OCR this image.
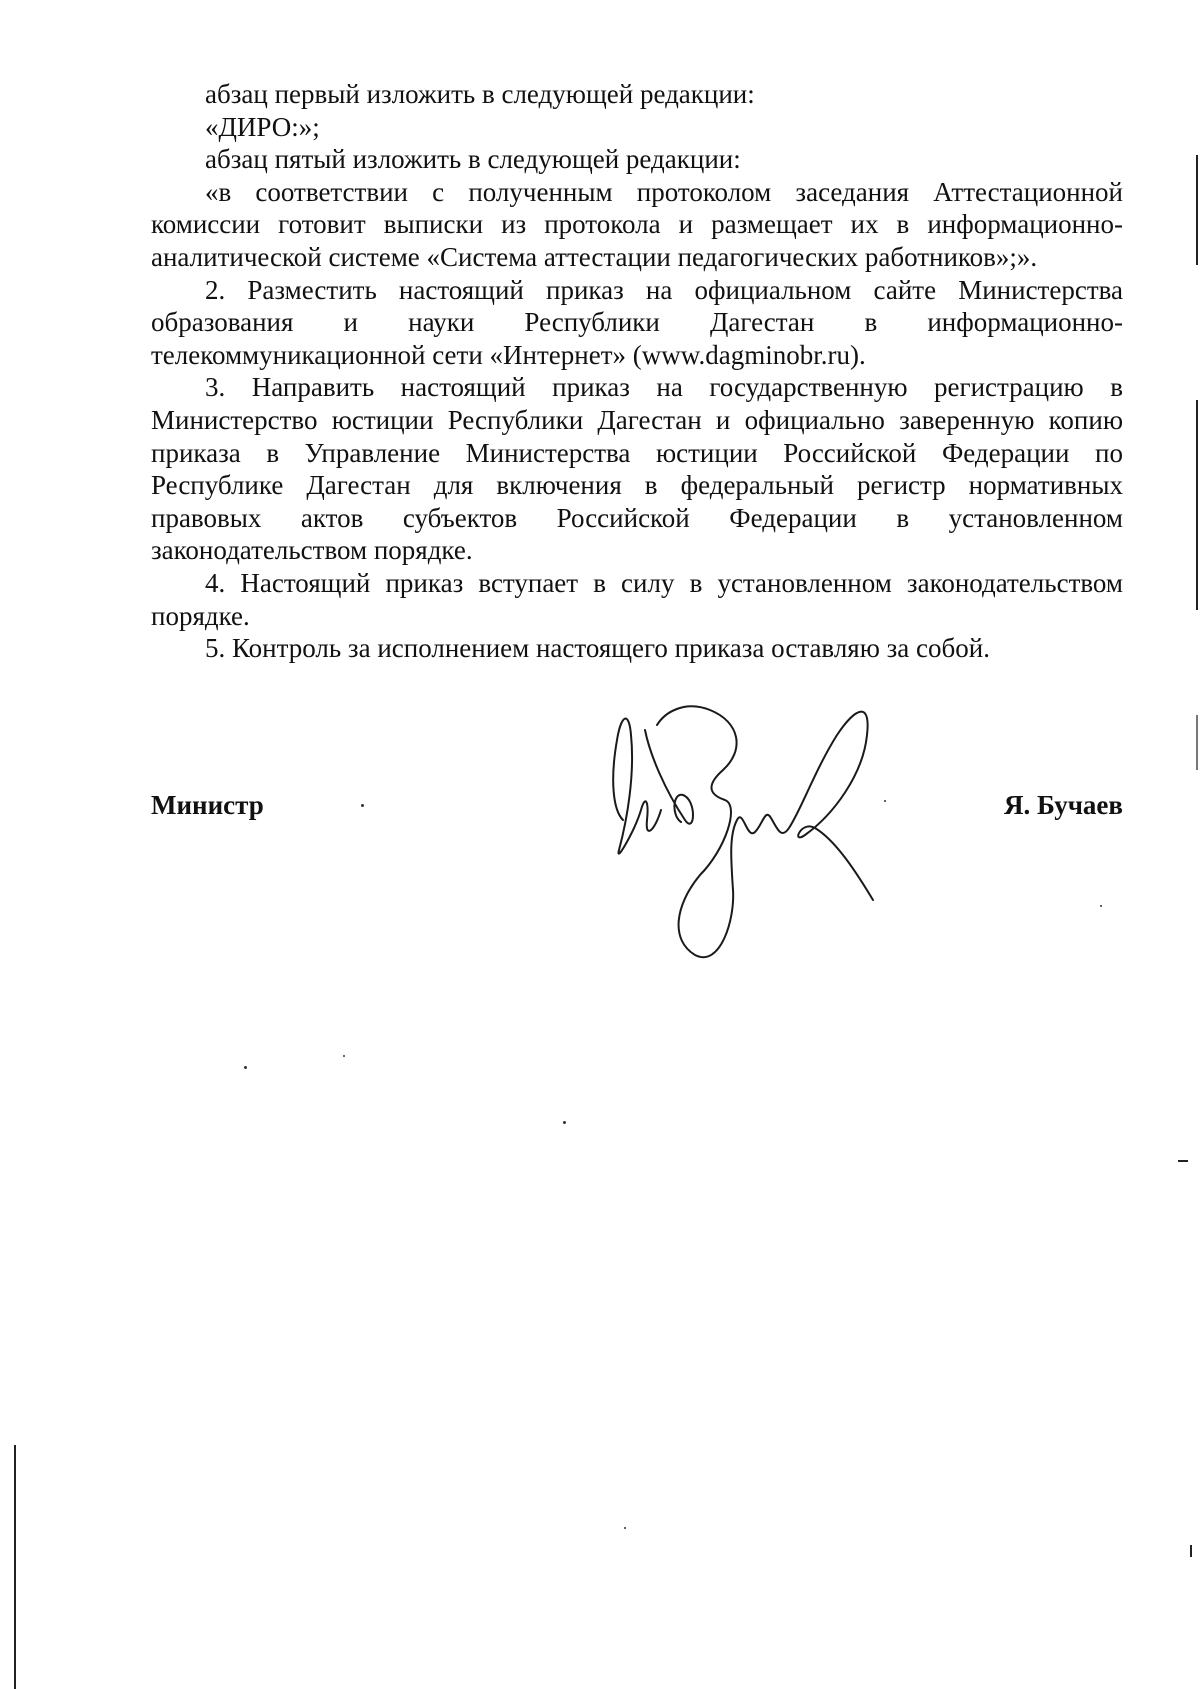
абзац первый изложить в следующей редакции:

«ДИРО:»;

абзац пятый изложить в следующей редакции:

«в соответствии с полученным протоколом заседания Аттестационной комиссии готовит выписки из протокола и размещает их в информационно-аналитической системе «Система аттестации педагогических работников»;».

2. Разместить настоящий приказ на официальном сайте Министерства образования и науки Республики Дагестан в информационно-телекоммуникационной сети «Интернет» (www.dagminobr.ru).

3. Направить настоящий приказ на государственную регистрацию в Министерство юстиции Республики Дагестан и официально заверенную копию приказа в Управление Министерства юстиции Российской Федерации по Республике Дагестан для включения в федеральный регистр нормативных правовых актов субъектов Российской Федерации в установленном законодательством порядке.

4. Настоящий приказ вступает в силу в установленном законодательством порядке.

5. Контроль за исполнением настоящего приказа оставляю за собой.

Министр	Я. Бучаев
